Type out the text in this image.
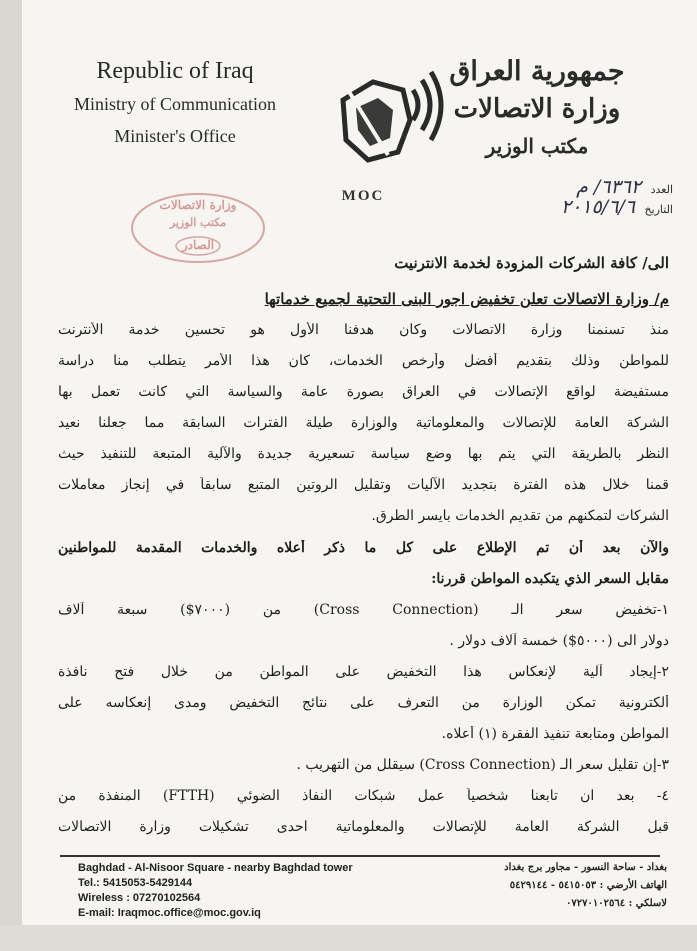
Republic of Iraq
Ministry of Communication
Minister's Office
MOC
جمهورية العراق
وزارة الاتصالات
مكتب الوزير
العدد ٦٣٦٢/ م
التاريخ ٢٠١٥/٦/٦
وزارة الاتصالات
مكتب الوزير
الصادر
الى/ كافة الشركات المزودة لخدمة الانترنيت
م/ وزارة الاتصالات تعلن تخفيض اجور البنى التحتية لجميع خدماتها
منذ تسنمنا وزارة الاتصالات وكان هدفنا الأول هو تحسين خدمة الأنترنت
للمواطن وذلك بتقديم أفضل وأرخص الخدمات، كان هذا الأمر يتطلب منا دراسة
مستفيضة لواقع الإتصالات في العراق بصورة عامة والسياسة التي كانت تعمل بها
الشركة العامة للإتصالات والمعلوماتية والوزارة طيلة الفترات السابقة مما جعلنا نعيد
النظر بالطريقة التي يتم بها وضع سياسة تسعيرية جديدة والآلية المتبعة للتنفيذ حيث
قمنا خلال هذه الفترة بتجديد الآليات وتقليل الروتين المتبع سابقاً في إنجاز معاملات
الشركات لتمكنهم من تقديم الخدمات بايسر الطرق.
والآن بعد أن تم الإطلاع على كل ما ذكر أعلاه والخدمات المقدمة للمواطنين
مقابل السعر الذي يتكبده المواطن قررنا:
١-تخفيض سعر الـ (Cross Connection) من (٧٠٠٠$) سبعة آلاف
دولار الى (٥٠٠٠$) خمسة آلاف دولار .
٢-إيجاد آلية لإنعكاس هذا التخفيض على المواطن من خلال فتح نافذة
ألكترونية تمكن الوزارة من التعرف على نتائج التخفيض ومدى إنعكاسه على
المواطن ومتابعة تنفيذ الفقرة (١) أعلاه.
٣-إن تقليل سعر الـ (Cross Connection) سيقلل من التهريب .
٤- بعد ان تابعنا شخصياً عمل شبكات النفاذ الضوئي (FTTH) المنفذة من
قبل الشركة العامة للإتصالات والمعلوماتية احدى تشكيلات وزارة الاتصالات
Baghdad - Al-Nisoor Square - nearby Baghdad tower
Tel.: 5415053-5429144
Wireless : 07270102564
E-mail: Iraqmoc.office@moc.gov.iq
بغداد - ساحة النسور - مجاور برج بغداد
الهاتف الأرضي : ٥٤١٥٠٥٣ - ٥٤٢٩١٤٤
لاسلكي : ٠٧٢٧٠١٠٢٥٦٤
